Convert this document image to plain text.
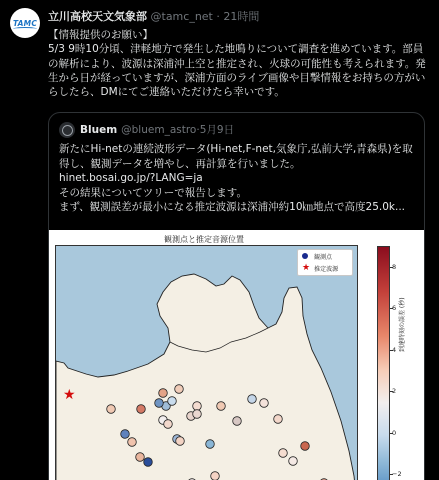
TAMC 立川高校天文気象部 @tamc_net · 21時間
【情報提供のお願い】
5/3 9時10分頃、津軽地方で発生した地鳴りについて調査を進めています。部員の解析により、波源は深浦沖上空と推定され、火球の可能性も考えられます。発生から日が経っていますが、深浦方面のライブ画像や目撃情報をお持ちの方がいらしたら、DMにてご連絡いただけたら幸いです。
Bluem @bluem_astro · 5月9日
新たにHi-netの連続波形データ(Hi-net,F-net,気象庁,弘前大学,青森県)を取
得し、観測データを増やし、再計算を行いました。
hinet.bosai.go.jp/?LANG=ja
その結果についてツリーで報告します。
まず、観測誤差が最小になる推定波源は深浦沖約10㎞地点で高度25.0k...
観測点と推定音源位置
★
観測点
★ 推定波源	8
6
4
2
0
−2
到達時刻の誤差 (秒)
